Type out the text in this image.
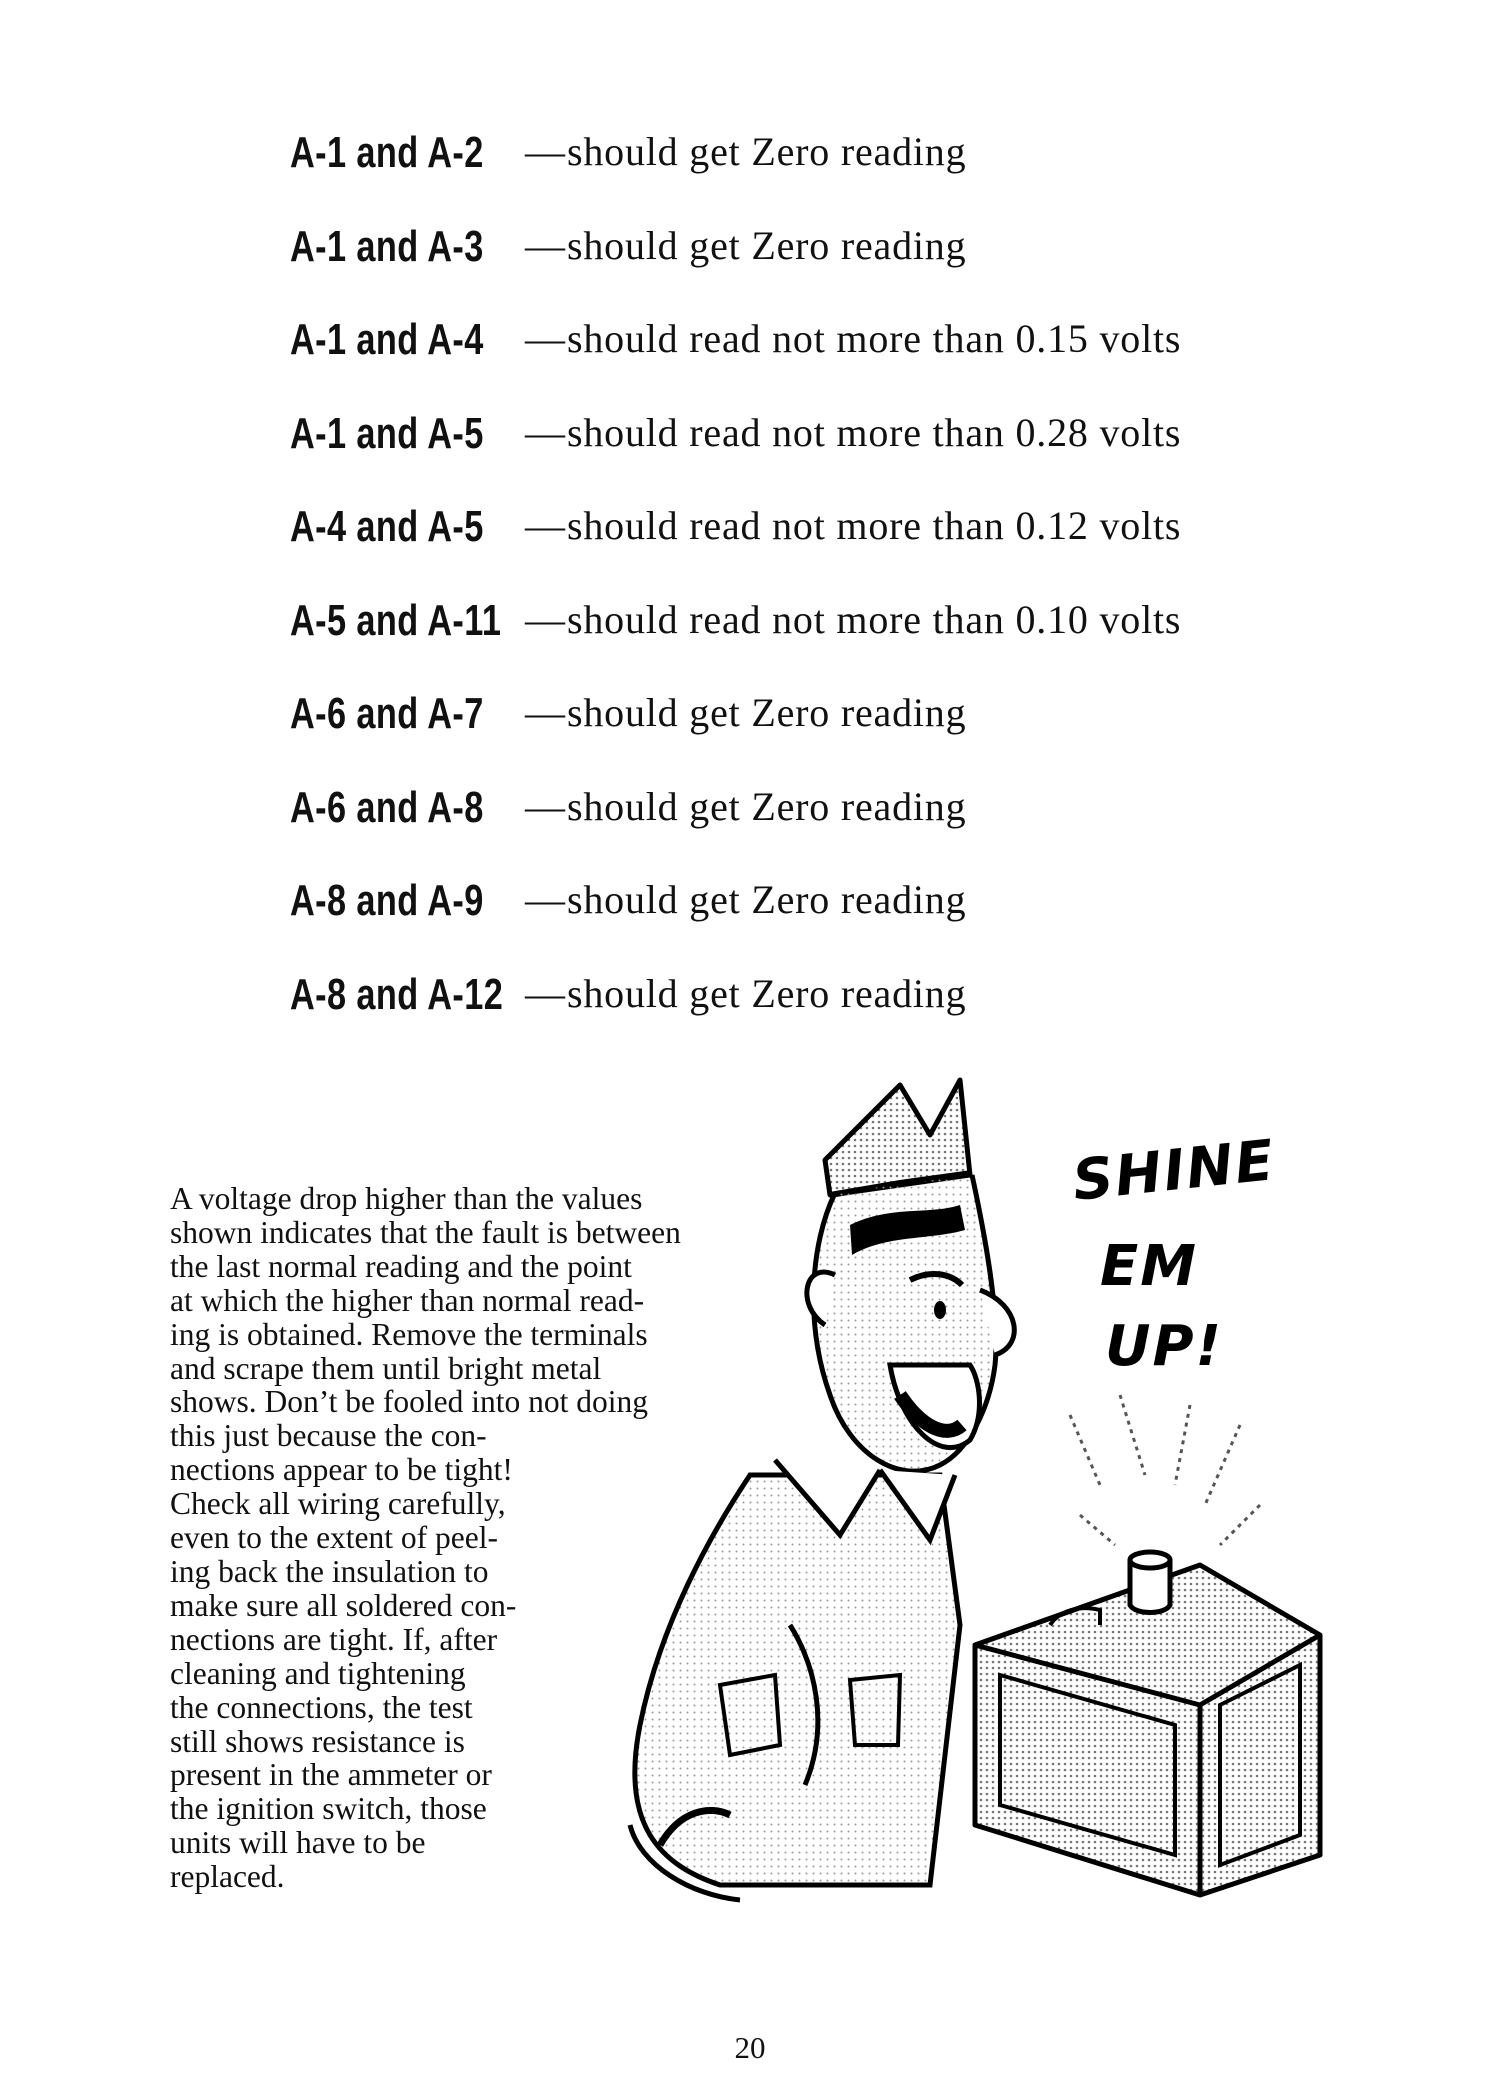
A-1 and A-2	— should get Zero reading
A-1 and A-3	— should get Zero reading
A-1 and A-4	— should read not more than 0.15 volts
A-1 and A-5	— should read not more than 0.28 volts
A-4 and A-5	— should read not more than 0.12 volts
A-5 and A-11 — should read not more than 0.10 volts
A-6 and A-7	— should get Zero reading
A-6 and A-8	— should get Zero reading
A-8 and A-9	— should get Zero reading
A-8 and A-12 — should get Zero reading
SHINE
EM
UP!
A voltage drop higher than the values
shown indicates that the fault is between
the last normal reading and the point
at which the higher than normal read-
ing is obtained. Remove the terminals
and scrape them until bright metal
shows. Don’t be fooled into not doing
this just because the con-
nections appear to be tight!
Check all wiring carefully,
even to the extent of peel-
ing back the insulation to
make sure all soldered con-
nections are tight. If, after
cleaning and tightening
the connections, the test
still shows resistance is
present in the ammeter or
the ignition switch, those
units will have to be
replaced.
20
